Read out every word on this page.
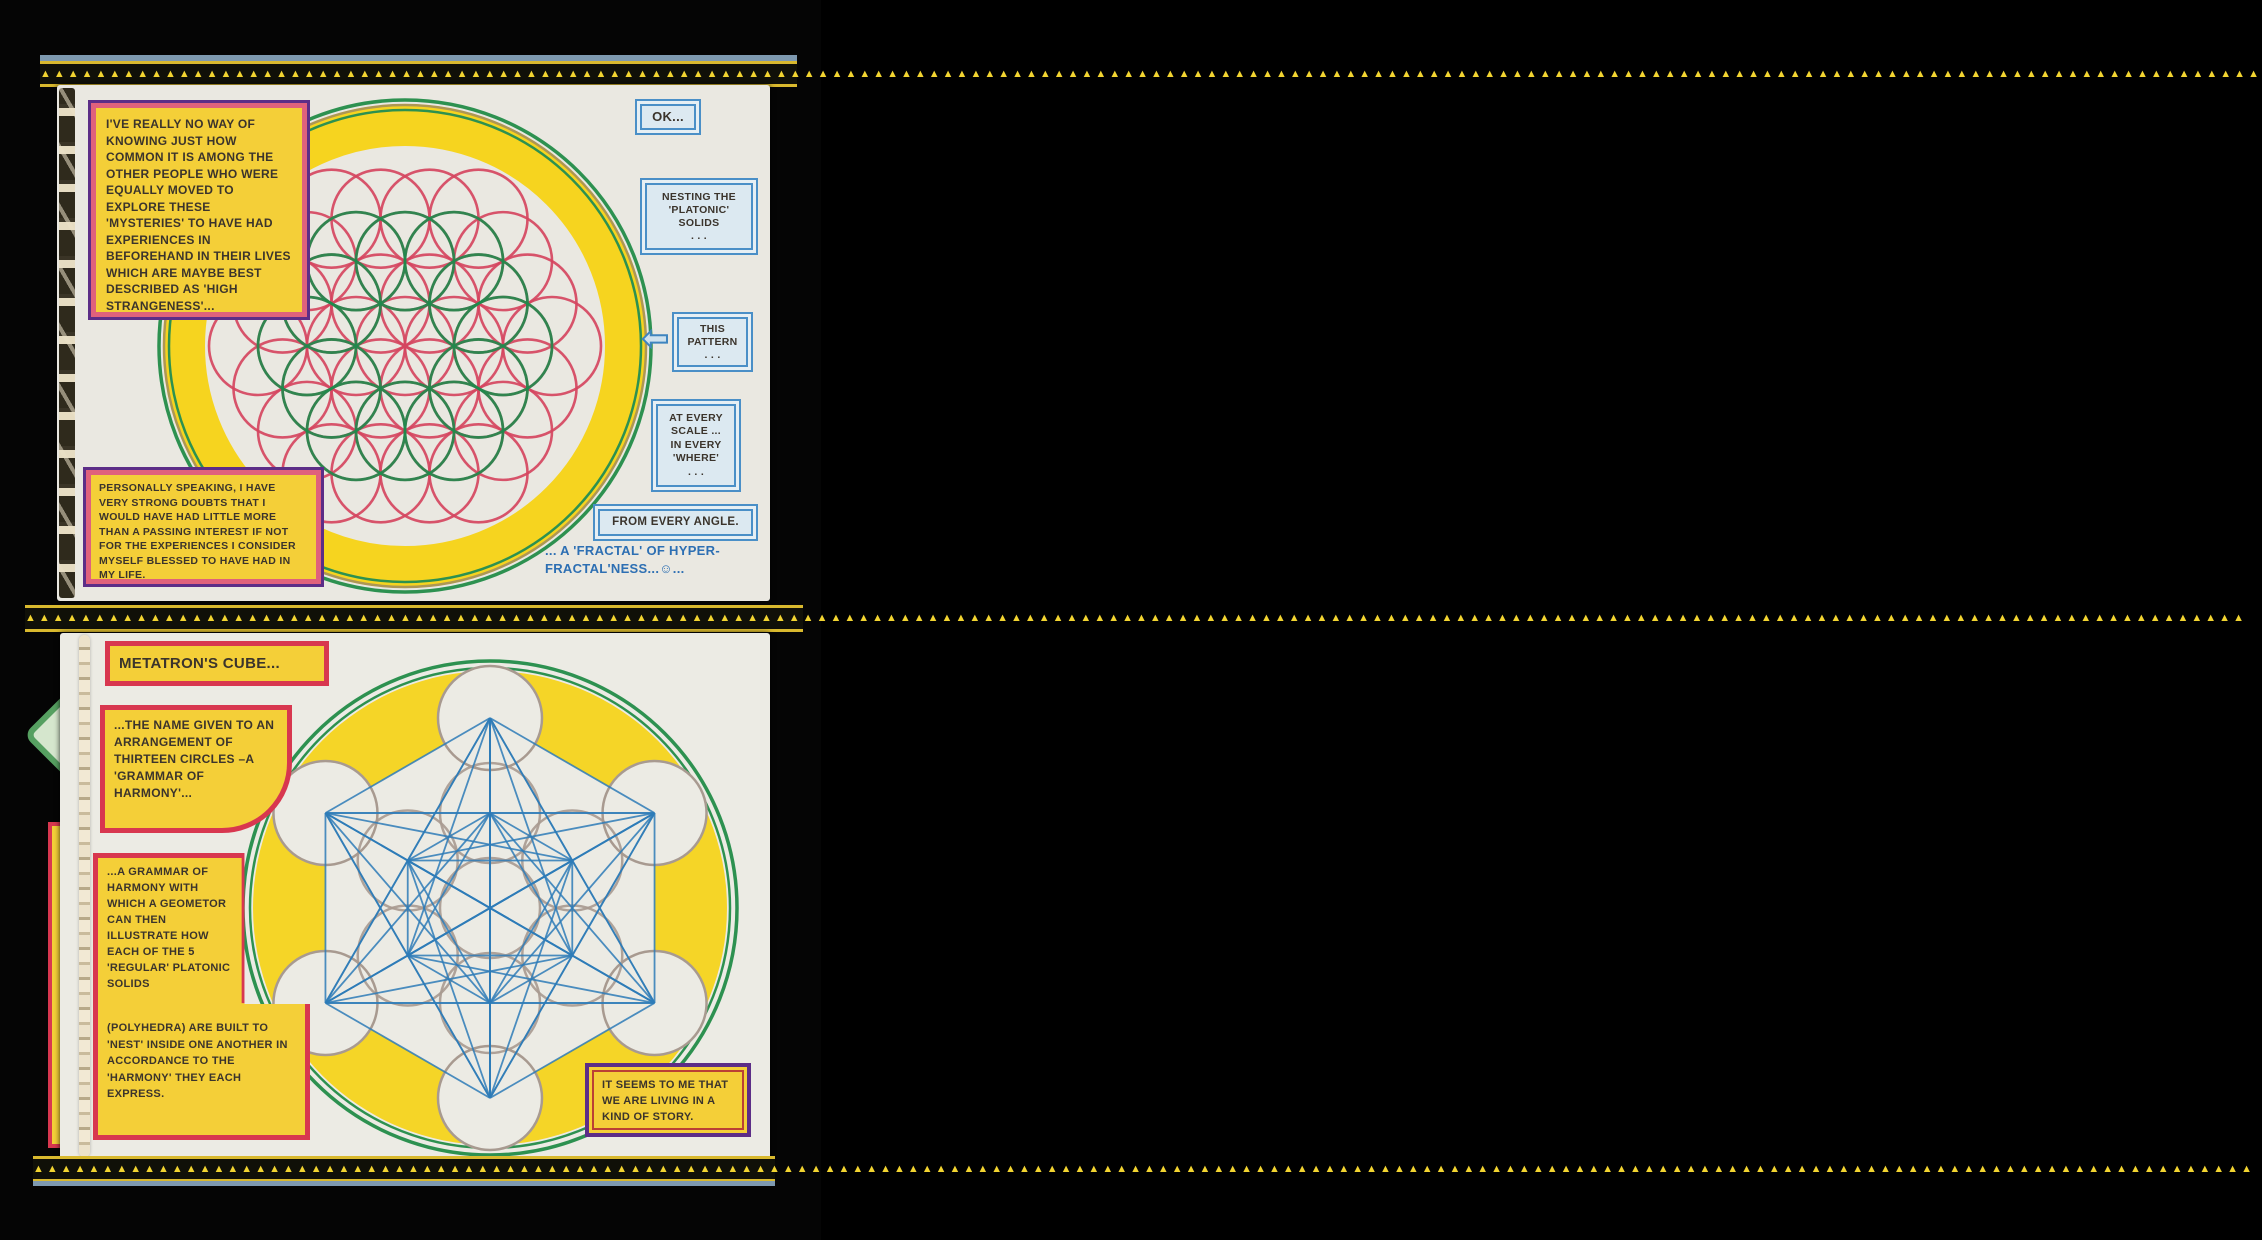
▲▲▲▲▲▲▲▲▲▲▲▲▲▲▲▲▲▲▲▲▲▲▲▲▲▲▲▲▲▲▲▲▲▲▲▲▲▲▲▲▲▲▲▲▲▲▲▲▲▲▲▲▲▲▲▲▲▲▲▲▲▲▲▲▲▲▲▲▲▲▲▲▲▲▲▲▲▲▲▲▲▲▲▲▲▲▲▲▲▲▲▲▲▲▲▲▲▲▲▲▲▲▲▲▲▲▲▲▲▲▲▲▲▲▲▲▲▲▲▲▲▲▲▲▲▲▲▲▲▲▲▲▲▲▲▲▲▲▲▲▲▲▲▲▲▲▲▲▲▲▲▲▲▲▲▲▲▲▲▲
I'VE REALLY NO WAY OF KNOWING JUST HOW COMMON IT IS AMONG THE OTHER PEOPLE WHO WERE EQUALLY MOVED TO EXPLORE THESE 'MYSTERIES' TO HAVE HAD EXPERIENCES IN BEFOREHAND IN THEIR LIVES WHICH ARE MAYBE BEST DESCRIBED AS 'HIGH STRANGENESS'...
PERSONALLY SPEAKING, I HAVE VERY STRONG DOUBTS THAT I WOULD HAVE HAD LITTLE MORE THAN A PASSING INTEREST IF NOT FOR THE EXPERIENCES I CONSIDER MYSELF BLESSED TO HAVE HAD IN MY LIFE.
OK...
NESTING THE
'PLATONIC'
SOLIDS
. . .
⬅	THIS
PATTERN
. . .
AT EVERY
SCALE ...
IN EVERY
'WHERE'
. . .
FROM EVERY ANGLE.
... A 'FRACTAL' OF HYPER-
FRACTAL'NESS...☺...
▲▲▲▲▲▲▲▲▲▲▲▲▲▲▲▲▲▲▲▲▲▲▲▲▲▲▲▲▲▲▲▲▲▲▲▲▲▲▲▲▲▲▲▲▲▲▲▲▲▲▲▲▲▲▲▲▲▲▲▲▲▲▲▲▲▲▲▲▲▲▲▲▲▲▲▲▲▲▲▲▲▲▲▲▲▲▲▲▲▲▲▲▲▲▲▲▲▲▲▲▲▲▲▲▲▲▲▲▲▲▲▲▲▲▲▲▲▲▲▲▲▲▲▲▲▲▲▲▲▲▲▲▲▲▲▲▲▲▲▲▲▲▲▲▲▲▲▲▲▲▲▲▲▲▲▲▲▲▲▲
METATRON'S CUBE...
...THE NAME GIVEN TO AN ARRANGEMENT OF THIRTEEN CIRCLES –A 'GRAMMAR OF HARMONY'...
...A GRAMMAR OF HARMONY WITH WHICH A GEOMETOR CAN THEN ILLUSTRATE HOW EACH OF THE 5 'REGULAR' PLATONIC SOLIDS
(POLYHEDRA) ARE BUILT TO 'NEST' INSIDE ONE ANOTHER IN ACCORDANCE TO THE 'HARMONY' THEY EACH EXPRESS.
IT SEEMS TO ME THAT WE ARE LIVING IN A KIND OF STORY.
▲▲▲▲▲▲▲▲▲▲▲▲▲▲▲▲▲▲▲▲▲▲▲▲▲▲▲▲▲▲▲▲▲▲▲▲▲▲▲▲▲▲▲▲▲▲▲▲▲▲▲▲▲▲▲▲▲▲▲▲▲▲▲▲▲▲▲▲▲▲▲▲▲▲▲▲▲▲▲▲▲▲▲▲▲▲▲▲▲▲▲▲▲▲▲▲▲▲▲▲▲▲▲▲▲▲▲▲▲▲▲▲▲▲▲▲▲▲▲▲▲▲▲▲▲▲▲▲▲▲▲▲▲▲▲▲▲▲▲▲▲▲▲▲▲▲▲▲▲▲▲▲▲▲▲▲▲▲▲▲
